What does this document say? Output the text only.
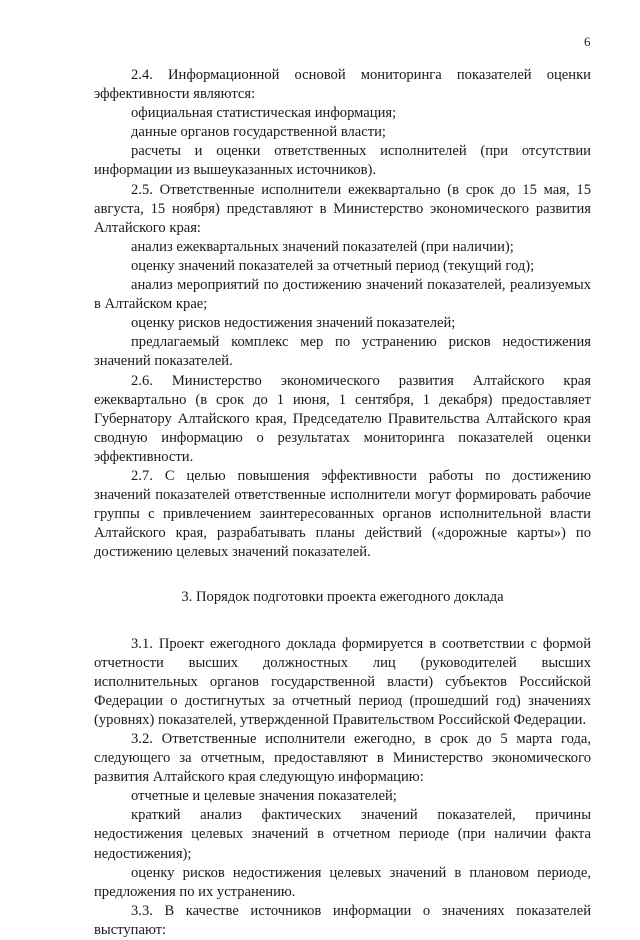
6

2.4. Информационной основой мониторинга показателей оценки эффективности являются:

официальная статистическая информация;

данные органов государственной власти;

расчеты и оценки ответственных исполнителей (при отсутствии информации из вышеуказанных источников).

2.5. Ответственные исполнители ежеквартально (в срок до 15 мая, 15 августа, 15 ноября) представляют в Министерство экономического развития Алтайского края:

анализ ежеквартальных значений показателей (при наличии);

оценку значений показателей за отчетный период (текущий год);

анализ мероприятий по достижению значений показателей, реализуемых в Алтайском крае;

оценку рисков недостижения значений показателей;

предлагаемый комплекс мер по устранению рисков недостижения значений показателей.

2.6. Министерство экономического развития Алтайского края ежеквартально (в срок до 1 июня, 1 сентября, 1 декабря) предоставляет Губернатору Алтайского края, Председателю Правительства Алтайского края сводную информацию о результатах мониторинга показателей оценки эффективности.

2.7. С целью повышения эффективности работы по достижению значений показателей ответственные исполнители могут формировать рабочие группы с привлечением заинтересованных органов исполнительной власти Алтайского края, разрабатывать планы действий («дорожные карты») по достижению целевых значений показателей.

3. Порядок подготовки проекта ежегодного доклада

3.1. Проект ежегодного доклада формируется в соответствии с формой отчетности высших должностных лиц (руководителей высших исполнительных органов государственной власти) субъектов Российской Федерации о достигнутых за отчетный период (прошедший год) значениях (уровнях) показателей, утвержденной Правительством Российской Федерации.

3.2. Ответственные исполнители ежегодно, в срок до 5 марта года, следующего за отчетным, предоставляют в Министерство экономического развития Алтайского края следующую информацию:

отчетные и целевые значения показателей;

краткий анализ фактических значений показателей, причины недостижения целевых значений в отчетном периоде (при наличии факта недостижения);

оценку рисков недостижения целевых значений в плановом периоде, предложения по их устранению.

3.3. В качестве источников информации о значениях показателей выступают:
